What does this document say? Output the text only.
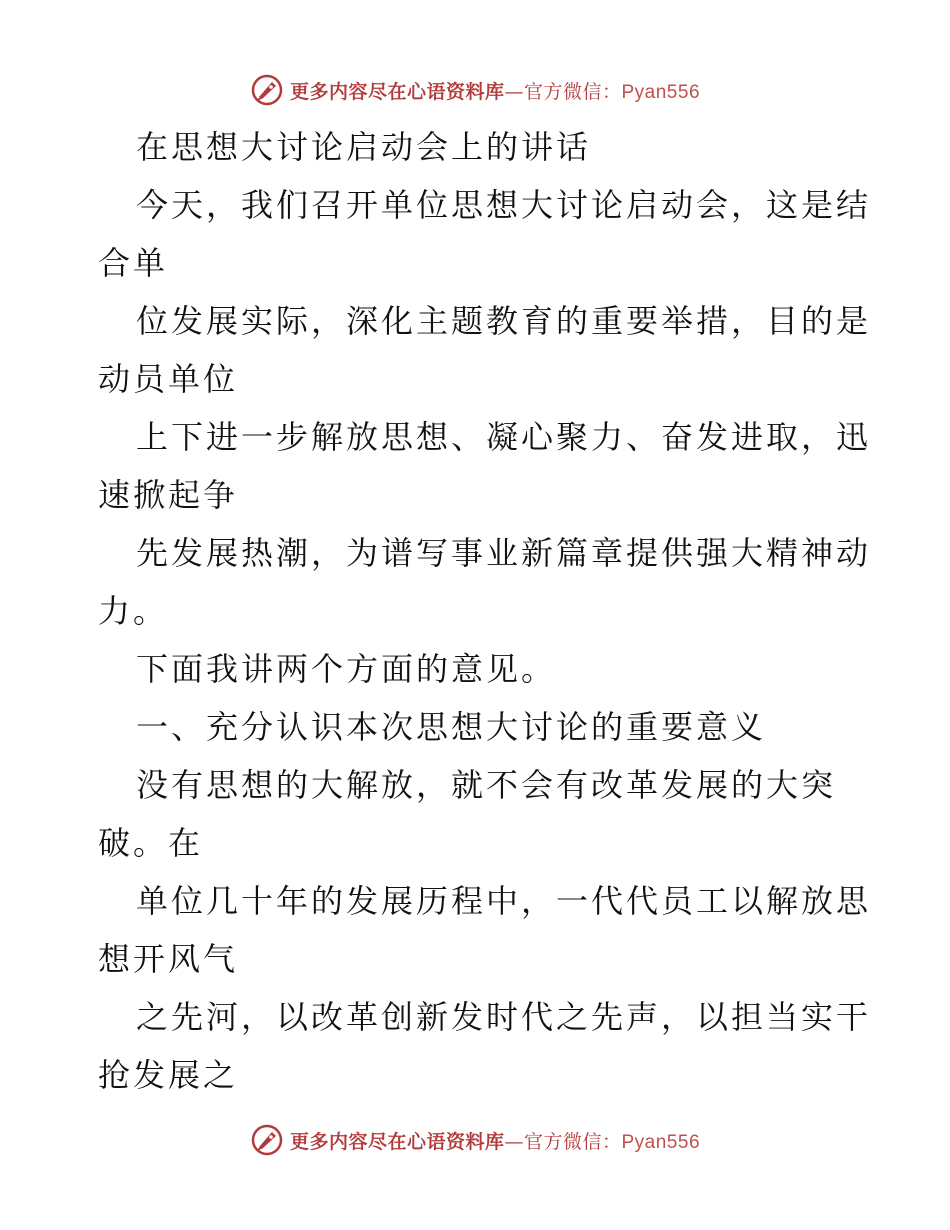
更多内容尽在心语资料库—官方微信：Pyan556
在思想大讨论启动会上的讲话
今天，我们召开单位思想大讨论启动会，这是结
合单
位发展实际，深化主题教育的重要举措，目的是
动员单位
上下进一步解放思想、凝心聚力、奋发进取，迅
速掀起争
先发展热潮，为谱写事业新篇章提供强大精神动
力。
下面我讲两个方面的意见。
一、充分认识本次思想大讨论的重要意义
没有思想的大解放，就不会有改革发展的大突
破。在
单位几十年的发展历程中，一代代员工以解放思
想开风气
之先河，以改革创新发时代之先声，以担当实干
抢发展之
更多内容尽在心语资料库—官方微信：Pyan556
